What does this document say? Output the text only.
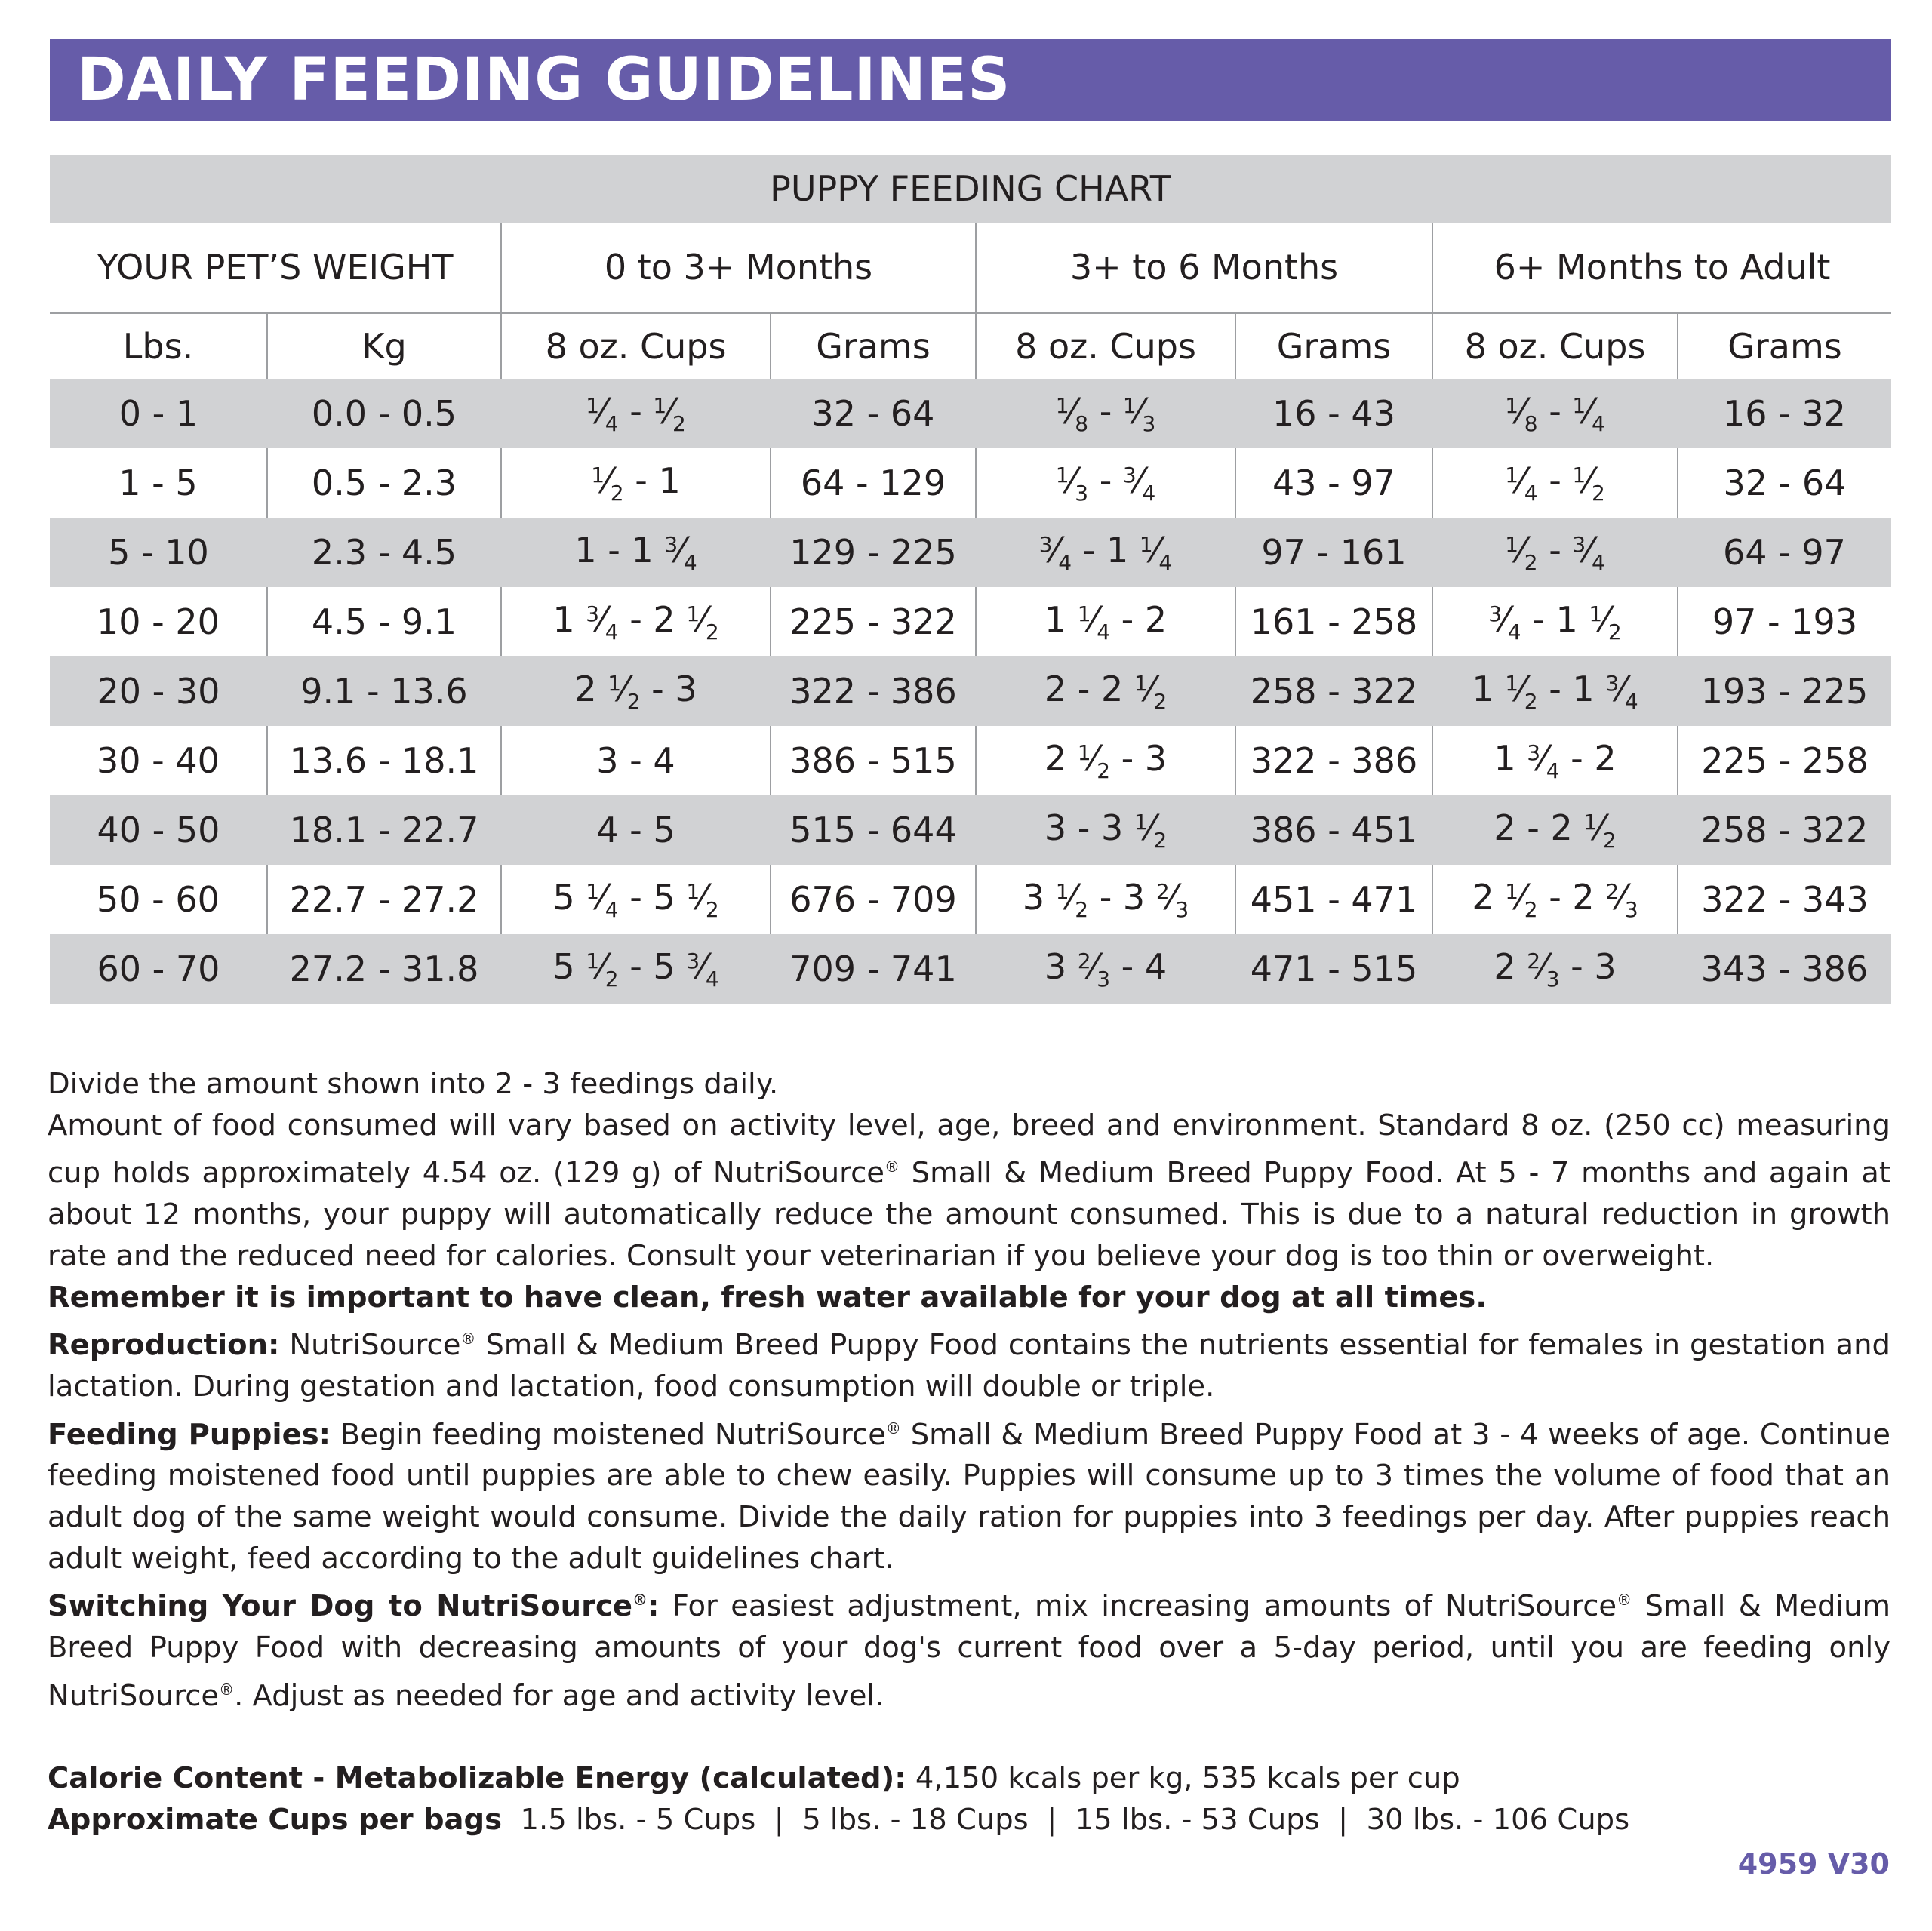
DAILY FEEDING GUIDELINES
PUPPY FEEDING CHART							
YOUR PET’S WEIGHT		0 to 3+ Months		3+ to 6 Months		6+ Months to Adult	
Lbs.	Kg	8 oz. Cups	Grams	8 oz. Cups	Grams	8 oz. Cups	Grams
0 - 1	0.0 - 0.5	$^1⁄_4$ - $^1⁄_2$	32 - 64	$^1⁄_8$ - $^1⁄_3$	16 - 43	$^1⁄_8$ - $^1⁄_4$	16 - 32
1 - 5	0.5 - 2.3	$^1⁄_2 - 1$	64 - 129	$^1⁄_3$ - $^3⁄_4$	43 - 97	$^1⁄_4$ - $^1⁄_2$	32 - 64
5 - 10	2.3 - 4.5	1 - 1 $^3⁄_4$	129 - 225	$^3⁄_4 - 1$ $^1⁄_4$	97 - 161	$^1⁄_2$ - $^3⁄_4$	64 - 97
10 - 20	4.5 - 9.1	1 $^3⁄_4 - 2$ $^1⁄_2$	225 - 322	1 $^1⁄_4 - 2$	161 - 258	$^3⁄_4 - 1$ $^1⁄_2$	97 - 193
20 - 30	9.1 - 13.6	2 $^1⁄_2 - 3$	322 - 386	2 - 2 $^1⁄_2$	258 - 322	1 $^1⁄_2 - 1$ $^3⁄_4$	193 - 225
30 - 40	13.6 - 18.1	3 - 4	386 - 515	2 $^1⁄_2 - 3$	322 - 386	1 $^3⁄_4 - 2$	225 - 258
40 - 50	18.1 - 22.7	4 - 5	515 - 644	3 - 3 $^1⁄_2$	386 - 451	2 - 2 $^1⁄_2$	258 - 322
50 - 60	22.7 - 27.2	5 $^1⁄_4 - 5$ $^1⁄_2$	676 - 709	3 $^1⁄_2 - 3$ $^2⁄_3$	451 - 471	2 $^1⁄_2 - 2$ $^2⁄_3$	322 - 343
60 - 70	27.2 - 31.8	5 $^1⁄_2 - 5$ $^3⁄_4$	709 - 741	3 $^2⁄_3 - 4$	471 - 515	2 $^2⁄_3 - 3$	343 - 386

Divide the amount shown into 2 - 3 feedings daily.

Amount of food consumed will vary based on activity level, age, breed and environment. Standard 8 oz. (250 cc) measuring cup holds approximately 4.54 oz. (129 g) of NutriSource® Small & Medium Breed Puppy Food. At 5 - 7 months and again at about 12 months, your puppy will automatically reduce the amount consumed. This is due to a natural reduction in growth rate and the reduced need for calories. Consult your veterinarian if you believe your dog is too thin or overweight.

Remember it is important to have clean, fresh water available for your dog at all times.

Reproduction: NutriSource® Small & Medium Breed Puppy Food contains the nutrients essential for females in gestation and lactation. During gestation and lactation, food consumption will double or triple.

Feeding Puppies: Begin feeding moistened NutriSource® Small & Medium Breed Puppy Food at 3 - 4 weeks of age. Continue feeding moistened food until puppies are able to chew easily. Puppies will consume up to 3 times the volume of food that an adult dog of the same weight would consume. Divide the daily ration for puppies into 3 feedings per day. After puppies reach adult weight, feed according to the adult guidelines chart.

Switching Your Dog to NutriSource®: For easiest adjustment, mix increasing amounts of NutriSource® Small & Medium Breed Puppy Food with decreasing amounts of your dog's current food over a 5-day period, until you are feeding only NutriSource®. Adjust as needed for age and activity level.

Calorie Content - Metabolizable Energy (calculated): 4,150 kcals per kg, 535 kcals per cup

Approximate Cups per bags  1.5 lbs. - 5 Cups  |  5 lbs. - 18 Cups  |  15 lbs. - 53 Cups  |  30 lbs. - 106 Cups

4959 V30
